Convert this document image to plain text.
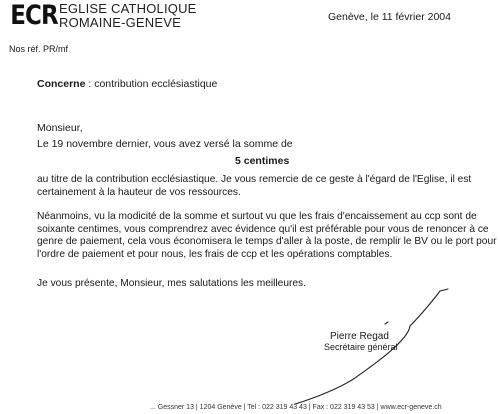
ECR EGLISE CATHOLIQUE
ROMAINE-GENEVE	Genève, le 11 février 2004
Nos réf. PR/mf
Concerne : contribution ecclésiastique
Monsieur,
Le 19 novembre dernier, vous avez versé la somme de
5 centimes
au titre de la contribution ecclésiastique. Je vous remercie de ce geste à l'égard de l'Eglise, il est certainement à la hauteur de vos ressources.
Néanmoins, vu la modicité de la somme et surtout vu que les frais d'encaissement au ccp sont de soixante centimes, vous comprendrez avec évidence qu'il est préférable pour vous de renoncer à ce genre de paiement, cela vous économisera le temps d'aller à la poste, de remplir le BV ou le port pour l'ordre de paiement et pour nous, les frais de ccp et les opérations comptables.
Je vous présente, Monsieur, mes salutations les meilleures.
Pierre Regad
Secrétaire général
... Gessner 13 | 1204 Genève | Tel : 022 319 43 43 | Fax : 022 319 43 53 | www.ecr-geneve.ch
